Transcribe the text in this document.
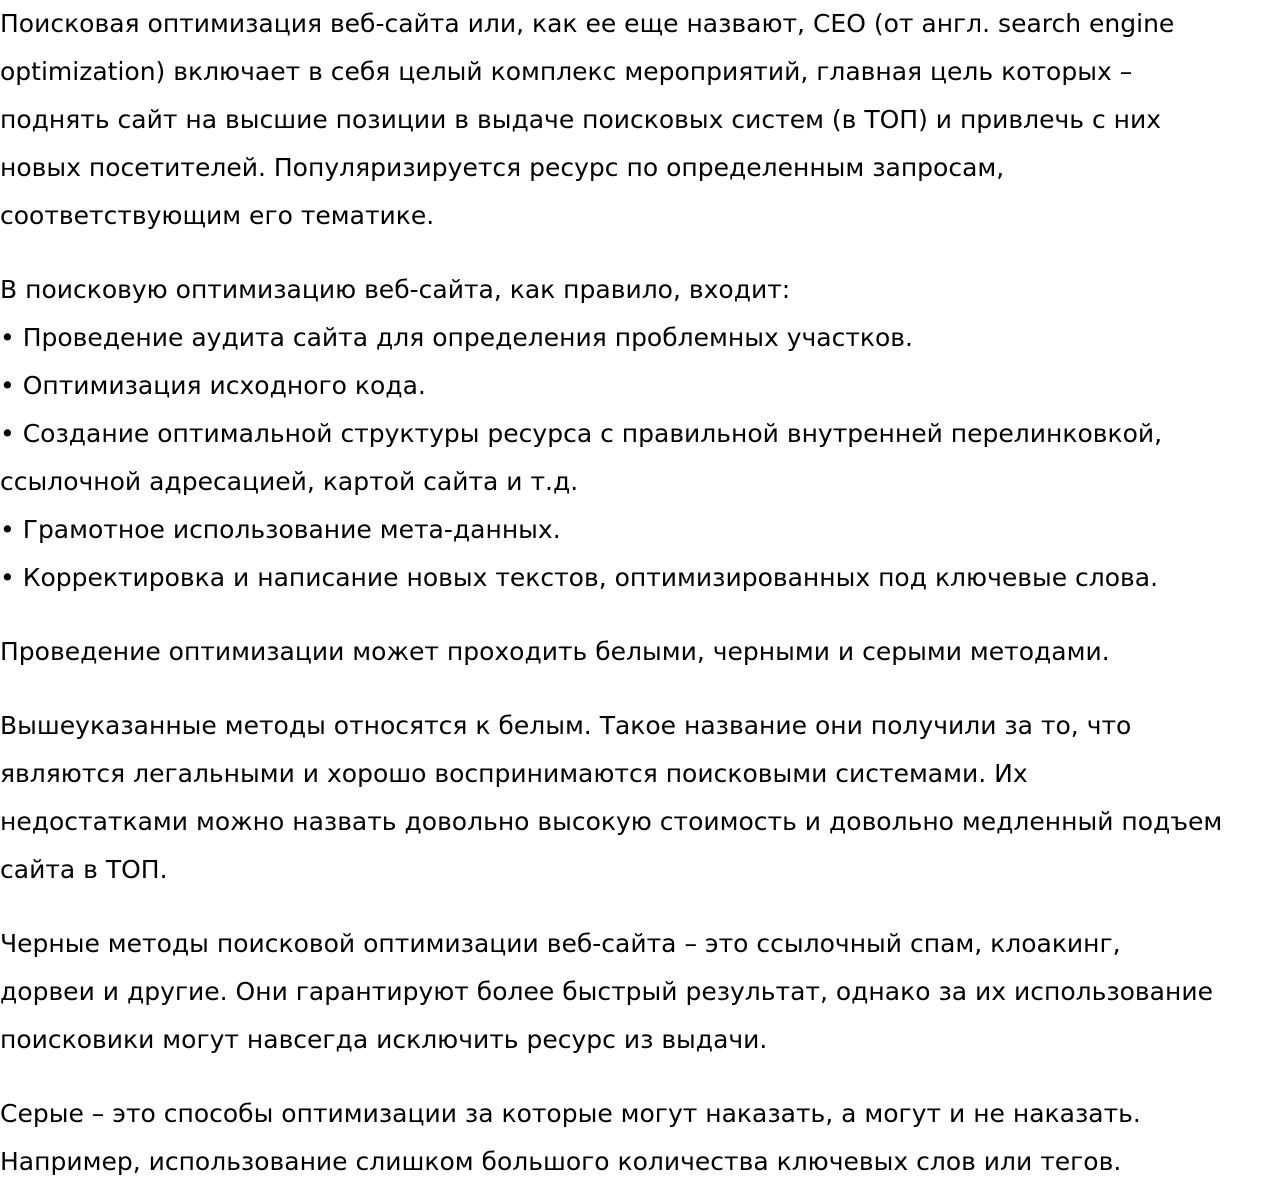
Поисковая оптимизация веб-сайта или, как ее еще назвают, СЕО (от англ. search engine
optimization) включает в себя целый комплекс мероприятий, главная цель которых –
поднять сайт на высшие позиции в выдаче поисковых систем (в ТОП) и привлечь с них
новых посетителей. Популяризируется ресурс по определенным запросам,
соответствующим его тематике.

В поисковую оптимизацию веб-сайта, как правило, входит:

• Проведение аудита сайта для определения проблемных участков.
• Оптимизация исходного кода.
• Создание оптимальной структуры ресурса с правильной внутренней перелинковкой,
ссылочной адресацией, картой сайта и т.д.
• Грамотное использование мета-данных.
• Корректировка и написание новых текстов, оптимизированных под ключевые слова.

Проведение оптимизации может проходить белыми, черными и серыми методами.

Вышеуказанные методы относятся к белым. Такое название они получили за то, что
являются легальными и хорошо воспринимаются поисковыми системами. Их
недостатками можно назвать довольно высокую стоимость и довольно медленный подъем
сайта в ТОП.

Черные методы поисковой оптимизации веб-сайта – это ссылочный спам, клоакинг,
дорвеи и другие. Они гарантируют более быстрый результат, однако за их использование
поисковики могут навсегда исключить ресурс из выдачи.

Серые – это способы оптимизации за которые могут наказать, а могут и не наказать.
Например, использование слишком большого количества ключевых слов или тегов.
